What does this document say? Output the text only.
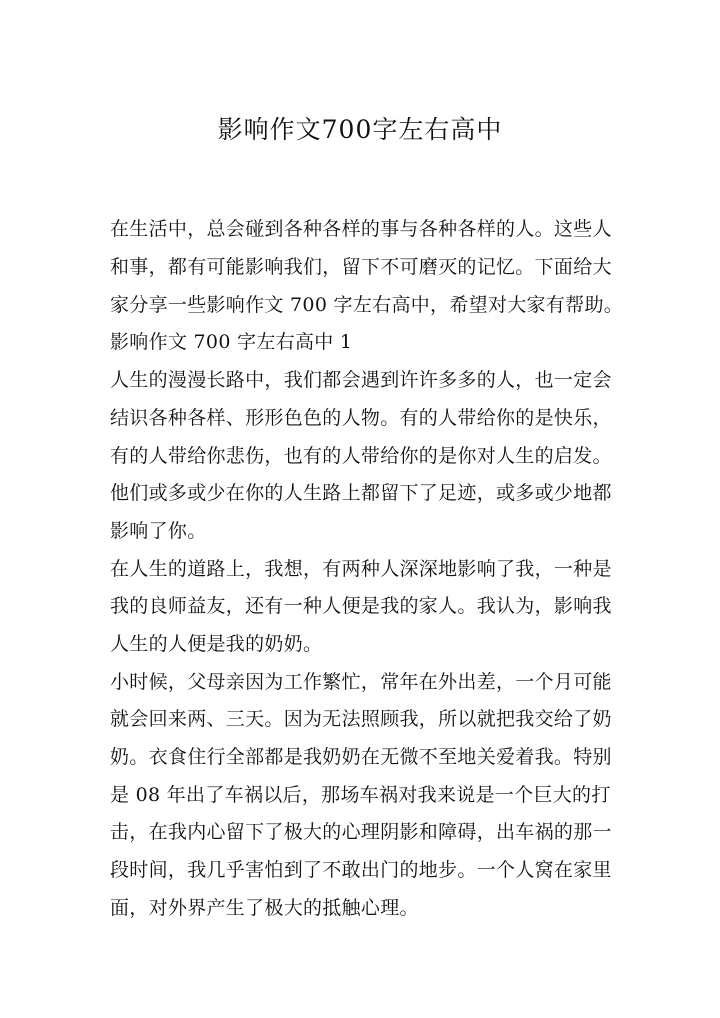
影响作文700字左右高中

在生活中，总会碰到各种各样的事与各种各样的人。这些人

和事，都有可能影响我们，留下不可磨灭的记忆。下面给大

家分享一些影响作文 700 字左右高中，希望对大家有帮助。

影响作文 700 字左右高中 1

人生的漫漫长路中，我们都会遇到许许多多的人，也一定会

结识各种各样、形形色色的人物。有的人带给你的是快乐，

有的人带给你悲伤，也有的人带给你的是你对人生的启发。

他们或多或少在你的人生路上都留下了足迹，或多或少地都

影响了你。

在人生的道路上，我想，有两种人深深地影响了我，一种是

我的良师益友，还有一种人便是我的家人。我认为，影响我

人生的人便是我的奶奶。

小时候，父母亲因为工作繁忙，常年在外出差，一个月可能

就会回来两、三天。因为无法照顾我，所以就把我交给了奶

奶。衣食住行全部都是我奶奶在无微不至地关爱着我。特别

是 08 年出了车祸以后，那场车祸对我来说是一个巨大的打

击，在我内心留下了极大的心理阴影和障碍，出车祸的那一

段时间，我几乎害怕到了不敢出门的地步。一个人窝在家里

面，对外界产生了极大的抵触心理。
